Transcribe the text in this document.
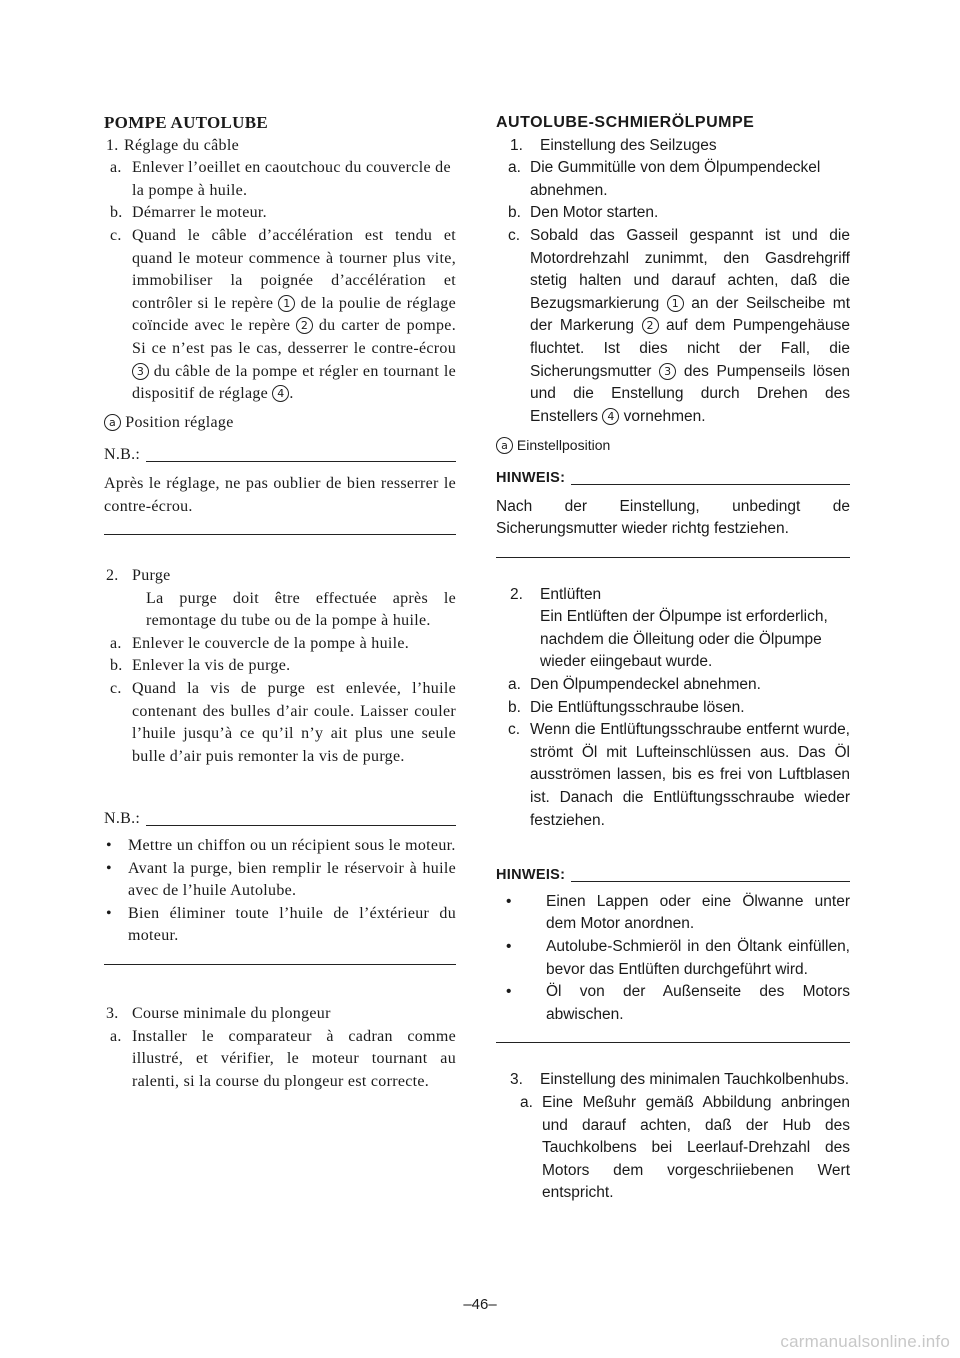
POMPE AUTOLUBE
1. Réglage du câble
a. Enlever l’oeillet en caoutchouc du couvercle de la pompe à huile.
b. Démarrer le moteur.
c. Quand le câble d’accélération est tendu et quand le moteur commence à tourner plus vite, immobiliser la poignée d’accélération et contrôler si le repère 1 de la poulie de réglage coïncide avec le repère 2 du carter de pompe. Si ce n’est pas le cas, desserrer le contre-écrou 3 du câble de la pompe et régler en tournant le dispositif de réglage 4 .
a Position réglage
N.B.:
Après le réglage, ne pas oublier de bien resserrer le contre-écrou.
2. Purge
La purge doit être effectuée après le remontage du tube ou de la pompe à huile.
a. Enlever le couvercle de la pompe à huile.
b. Enlever la vis de purge.
c. Quand la vis de purge est enlevée, l’huile contenant des bulles d’air coule. Laisser couler l’huile jusqu’à ce qu’il n’y ait plus une seule bulle d’air puis remonter la vis de purge.
N.B.:
•	Mettre un chiffon ou un récipient sous le moteur.
•	Avant la purge, bien remplir le réservoir à huile avec de l’huile Autolube.
•	Bien éliminer toute l’huile de l’éxtérieur du moteur.
3. Course minimale du plongeur
a. Installer le comparateur à cadran comme illustré, et vérifier, le moteur tournant au ralenti, si la course du plongeur est correcte.
AUTOLUBE-SCHMIERÖLPUMPE
1.	Einstellung des Seilzuges
a. Die Gummitülle von dem Ölpumpendeckel abnehmen.
b. Den Motor starten.
c. Sobald das Gasseil gespannt ist und die Motordrehzahl zunimmt, den Gasdrehgriff stetig halten und darauf achten, daß die Bezugsmarkierung 1 an der Seilscheibe mt der Markerung 2 auf dem Pumpengehäuse fluchtet. Ist dies nicht der Fall, die Sicherungsmutter 3 des Pumpenseils lösen und die Enstellung durch Drehen des Enstellers 4 vornehmen.
a Einstellposition
HINWEIS:
Nach der Einstellung, unbedingt de Sicherungsmutter wieder richtg festziehen.
2.	Entlüften
Ein Entlüften der Ölpumpe ist erforderlich, nachdem die Ölleitung oder die Ölpumpe wieder eiingebaut wurde.
a. Den Ölpumpendeckel abnehmen.
b. Die Entlüftungsschraube lösen.
c. Wenn die Entlüftungsschraube entfernt wurde, strömt Öl mit Lufteinschlüssen aus. Das Öl ausströmen lassen, bis es frei von Luftblasen ist. Danach die Entlüftungsschraube wieder festziehen.
HINWEIS:
•	Einen Lappen oder eine Ölwanne unter dem Motor anordnen.
•	Autolube-Schmieröl in den Öltank einfüllen, bevor das Entlüften durchgeführt wird.
•	Öl von der Außenseite des Motors abwischen.
3.	Einstellung des minimalen Tauchkolbenhubs.
a. Eine Meßuhr gemäß Abbildung anbringen und darauf achten, daß der Hub des Tauchkolbens bei Leerlauf-Drehzahl des Motors dem vorgeschriiebenen Wert entspricht.
–46–
carmanualsonline.info
